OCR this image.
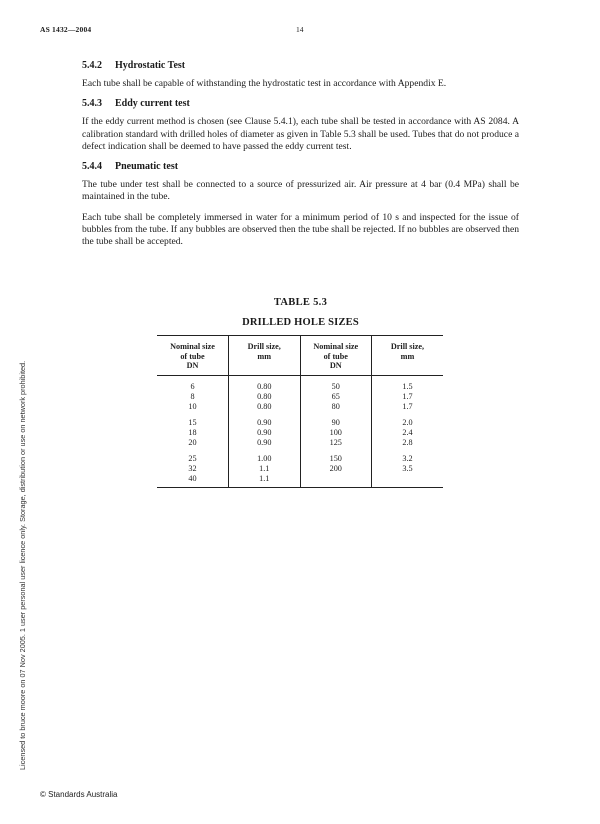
AS 1432—2004	14
5.4.2 Hydrostatic Test

Each tube shall be capable of withstanding the hydrostatic test in accordance with Appendix E.

5.4.3 Eddy current test

If the eddy current method is chosen (see Clause 5.4.1), each tube shall be tested in accordance with AS 2084. A calibration standard with drilled holes of diameter as given in Table 5.3 shall be used. Tubes that do not produce a defect indication shall be deemed to have passed the eddy current test.

5.4.4 Pneumatic test

The tube under test shall be connected to a source of pressurized air. Air pressure at 4 bar (0.4 MPa) shall be maintained in the tube.

Each tube shall be completely immersed in water for a minimum period of 10 s and inspected for the issue of bubbles from the tube. If any bubbles are observed then the tube shall be rejected. If no bubbles are observed then the tube shall be accepted.

TABLE 5.3
DRILLED HOLE SIZES
Nominal size
of tube
DN	Drill size,
mm	Nominal size
of tube
DN	Drill size,
mm
6	0.80	50	1.5
8	0.80	65	1.7
10	0.80	80	1.7
15	0.90	90	2.0
18	0.90	100	2.4
20	0.90	125	2.8
25	1.00	150	3.2
32	1.1	200	3.5
40	1.1		
Licensed to bruce moore on 07 Nov 2005. 1 user personal user licence only. Storage, distribution or use on network prohibited.
© Standards Australia
